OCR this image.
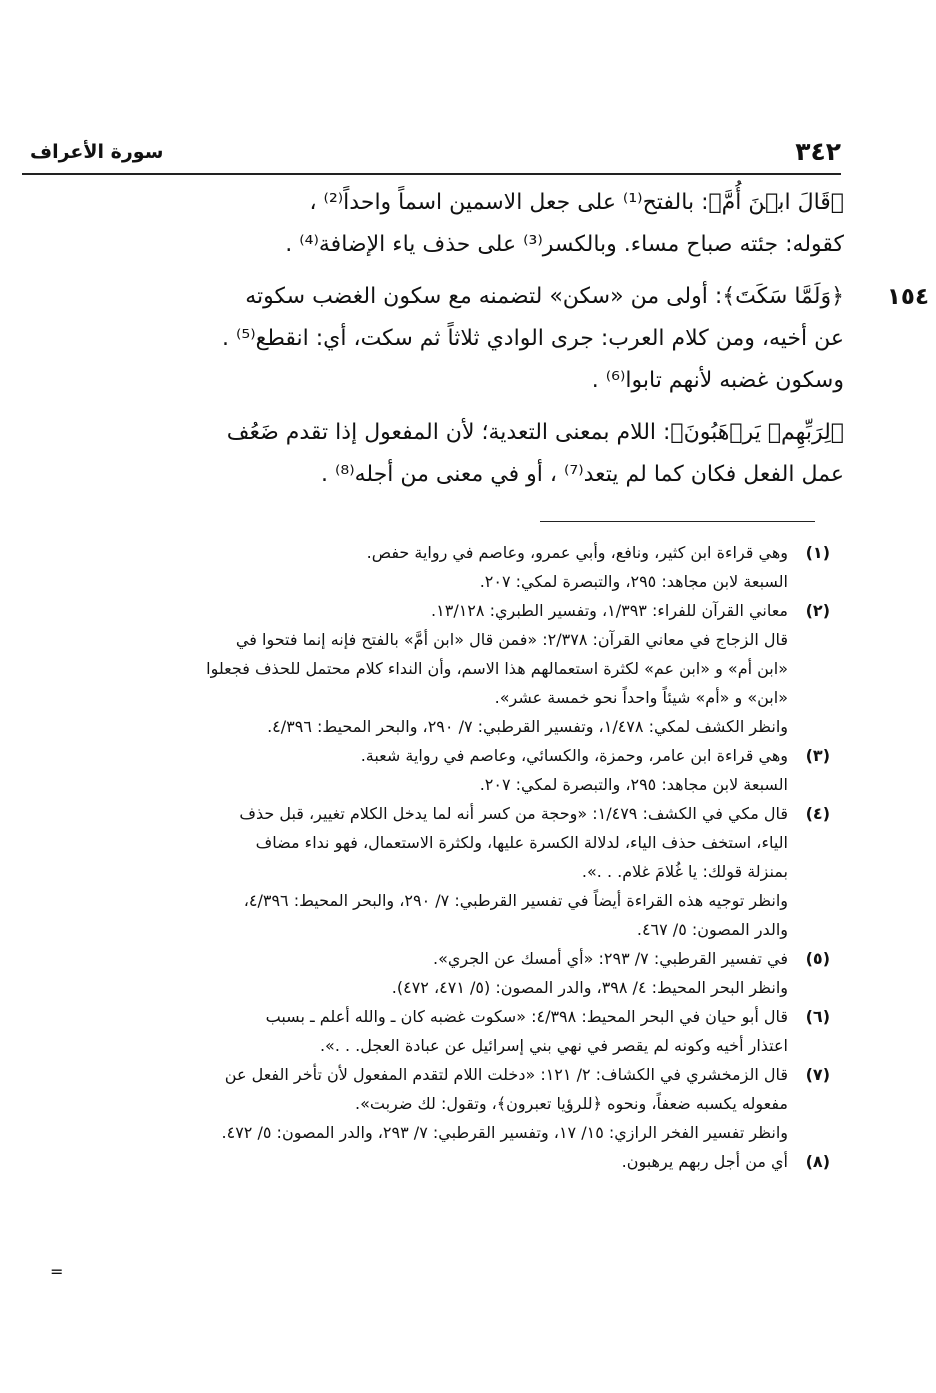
٣٤٢
سورة الأعراف
﴿قَالَ ابۡنَ أُمَّ﴾: بالفتح⁽¹⁾ على جعل الاسمين اسماً واحداً⁽²⁾ ،
كقوله: جئته صباح مساء. وبالكسر⁽³⁾ على حذف ياء الإضافة⁽⁴⁾ .
١٥٤
﴿وَلَمَّا سَكَتَ﴾: أولى من «سكن» لتضمنه مع سكون الغضب سكوته
عن أخيه، ومن كلام العرب: جرى الوادي ثلاثاً ثم سكت، أي: انقطع⁽⁵⁾ .
وسكون غضبه لأنهم تابوا⁽⁶⁾ .
﴿لِرَبِّهِمۡ يَرۡهَبُونَ﴾: اللام بمعنى التعدية؛ لأن المفعول إذا تقدم ضَعُف
عمل الفعل فكان كما لم يتعد⁽⁷⁾ ، أو في معنى من أجله⁽⁸⁾ .
(١)
وهي قراءة ابن كثير، ونافع، وأبي عمرو، وعاصم في رواية حفص.
السبعة لابن مجاهد: ٢٩٥، والتبصرة لمكي: ٢٠٧.
(٢)
معاني القرآن للفراء: ١/٣٩٣، وتفسير الطبري: ١٣/١٢٨.
قال الزجاج في معاني القرآن: ٢/٣٧٨: «فمن قال «ابن أمَّ» بالفتح فإنه إنما فتحوا في
«ابن أم» و «ابن عم» لكثرة استعمالهم هذا الاسم، وأن النداء كلام محتمل للحذف فجعلوا
«ابن» و «أم» شيئاً واحداً نحو خمسة عشر».
وانظر الكشف لمكي: ١/٤٧٨، وتفسير القرطبي: ٧/ ٢٩٠، والبحر المحيط: ٤/٣٩٦.
(٣)
وهي قراءة ابن عامر، وحمزة، والكسائي، وعاصم في رواية شعبة.
السبعة لابن مجاهد: ٢٩٥، والتبصرة لمكي: ٢٠٧.
(٤)
قال مكي في الكشف: ١/٤٧٩: «وحجة من كسر أنه لما يدخل الكلام تغيير، قبل حذف
الياء، استخف حذف الياء، لدلالة الكسرة عليها، ولكثرة الاستعمال، فهو نداء مضاف
بمنزلة قولك: يا غُلامَ غلام. . .».
وانظر توجيه هذه القراءة أيضاً في تفسير القرطبي: ٧/ ٢٩٠، والبحر المحيط: ٤/٣٩٦،
والدر المصون: ٥/ ٤٦٧.
(٥)
في تفسير القرطبي: ٧/ ٢٩٣: «أي أمسك عن الجري».
وانظر البحر المحيط: ٤/ ٣٩٨، والدر المصون: (٥/ ٤٧١، ٤٧٢).
(٦)
قال أبو حيان في البحر المحيط: ٤/٣٩٨: «سكوت غضبه كان ـ والله أعلم ـ بسبب
اعتذار أخيه وكونه لم يقصر في نهي بني إسرائيل عن عبادة العجل. . .».
(٧)
قال الزمخشري في الكشاف: ٢/ ١٢١: «دخلت اللام لتقدم المفعول لأن تأخر الفعل عن
مفعوله يكسبه ضعفاً، ونحوه ﴿للرؤيا تعبرون﴾، وتقول: لك ضربت».
وانظر تفسير الفخر الرازي: ١٥/ ١٧، وتفسير القرطبي: ٧/ ٢٩٣، والدر المصون: ٥/ ٤٧٢.
(٨)
أي من أجل ربهم يرهبون.
=
